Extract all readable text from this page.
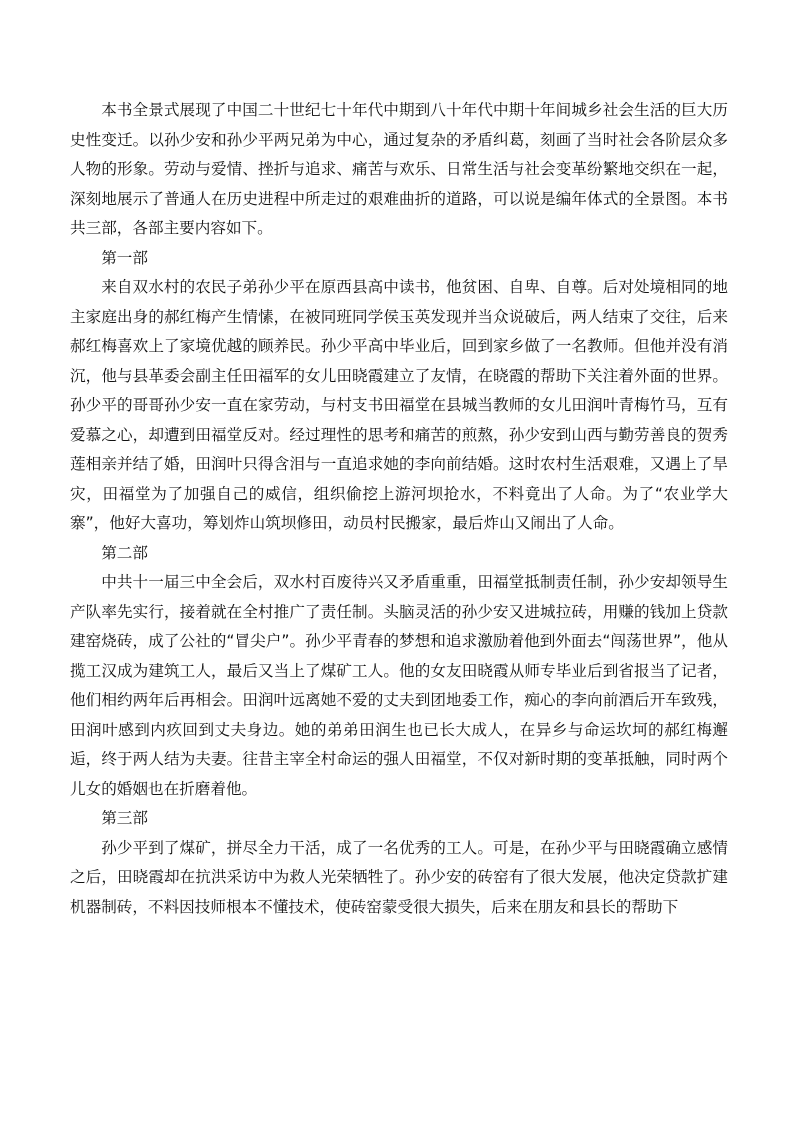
本书全景式展现了中国二十世纪七十年代中期到八十年代中期十年间城乡社会生活的巨大历史性变迁。以孙少安和孙少平两兄弟为中心，通过复杂的矛盾纠葛，刻画了当时社会各阶层众多人物的形象。劳动与爱情、挫折与追求、痛苦与欢乐、日常生活与社会变革纷繁地交织在一起，深刻地展示了普通人在历史进程中所走过的艰难曲折的道路，可以说是编年体式的全景图。本书共三部，各部主要内容如下。

第一部

来自双水村的农民子弟孙少平在原西县高中读书，他贫困、自卑、自尊。后对处境相同的地主家庭出身的郝红梅产生情愫，在被同班同学侯玉英发现并当众说破后，两人结束了交往，后来郝红梅喜欢上了家境优越的顾养民。孙少平高中毕业后，回到家乡做了一名教师。但他并没有消沉，他与县革委会副主任田福军的女儿田晓霞建立了友情，在晓霞的帮助下关注着外面的世界。孙少平的哥哥孙少安一直在家劳动，与村支书田福堂在县城当教师的女儿田润叶青梅竹马，互有爱慕之心，却遭到田福堂反对。经过理性的思考和痛苦的煎熬，孙少安到山西与勤劳善良的贺秀莲相亲并结了婚，田润叶只得含泪与一直追求她的李向前结婚。这时农村生活艰难，又遇上了旱灾，田福堂为了加强自己的威信，组织偷挖上游河坝抢水，不料竟出了人命。为了“农业学大寨”，他好大喜功，筹划炸山筑坝修田，动员村民搬家，最后炸山又闹出了人命。

第二部

中共十一届三中全会后，双水村百废待兴又矛盾重重，田福堂抵制责任制，孙少安却领导生产队率先实行，接着就在全村推广了责任制。头脑灵活的孙少安又进城拉砖，用赚的钱加上贷款建窑烧砖，成了公社的“冒尖户”。孙少平青春的梦想和追求激励着他到外面去“闯荡世界”，他从揽工汉成为建筑工人，最后又当上了煤矿工人。他的女友田晓霞从师专毕业后到省报当了记者，他们相约两年后再相会。田润叶远离她不爱的丈夫到团地委工作，痴心的李向前酒后开车致残，田润叶感到内疚回到丈夫身边。她的弟弟田润生也已长大成人，在异乡与命运坎坷的郝红梅邂逅，终于两人结为夫妻。往昔主宰全村命运的强人田福堂，不仅对新时期的变革抵触，同时两个儿女的婚姻也在折磨着他。

第三部

孙少平到了煤矿，拼尽全力干活，成了一名优秀的工人。可是，在孙少平与田晓霞确立感情之后，田晓霞却在抗洪采访中为救人光荣牺牲了。孙少安的砖窑有了很大发展，他决定贷款扩建机器制砖，不料因技师根本不懂技术，使砖窑蒙受很大损失，后来在朋友和县长的帮助下
